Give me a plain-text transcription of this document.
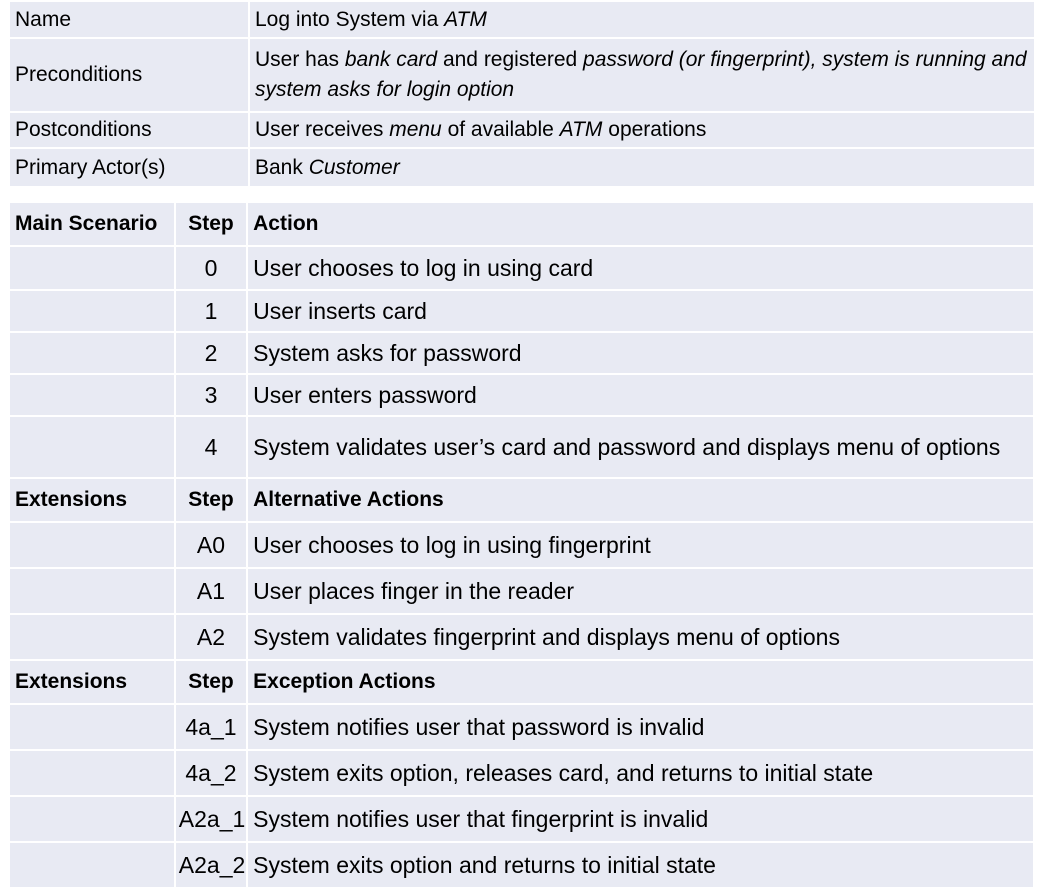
Name	Log into System via ATM
Preconditions	User has bank card and registered password (or fingerprint), system is running and system asks for login option
Postconditions	User receives menu of available ATM operations
Primary Actor(s)	Bank Customer
Main Scenario	Step	Action
	0	User chooses to log in using card
	1	User inserts card
	2	System asks for password
	3	User enters password
	4	System validates user’s card and password and displays menu of options
Extensions	Step	Alternative Actions
	A0	User chooses to log in using fingerprint
	A1	User places finger in the reader
	A2	System validates fingerprint and displays menu of options
Extensions	Step	Exception Actions
	4a_1	System notifies user that password is invalid
	4a_2	System exits option, releases card, and returns to initial state
	A2a_1	System notifies user that fingerprint is invalid
	A2a_2	System exits option and returns to initial state
